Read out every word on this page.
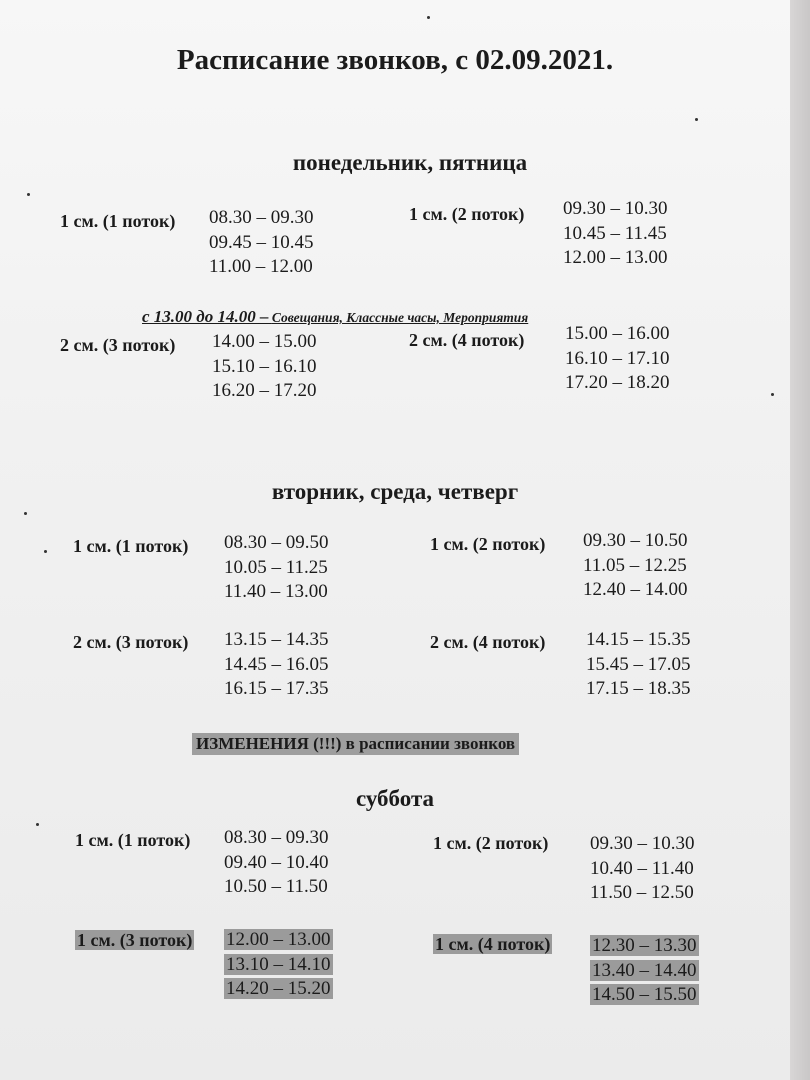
Расписание звонков, с 02.09.2021.
понедельник, пятница
1 см. (1 поток) 08.30 – 09.30
09.45 – 10.45
11.00 – 12.00
1 см. (2 поток) 09.30 – 10.30
10.45 – 11.45
12.00 – 13.00
с 13.00 до 14.00 – Совещания, Классные часы, Мероприятия
2 см. (3 поток) 14.00 – 15.00
15.10 – 16.10
16.20 – 17.20
2 см. (4 поток) 15.00 – 16.00
16.10 – 17.10
17.20 – 18.20
вторник, среда, четверг
1 см. (1 поток) 08.30 – 09.50
10.05 – 11.25
11.40 – 13.00
1 см. (2 поток) 09.30 – 10.50
11.05 – 12.25
12.40 – 14.00
2 см. (3 поток) 13.15 – 14.35
14.45 – 16.05
16.15 – 17.35
2 см. (4 поток) 14.15 – 15.35
15.45 – 17.05
17.15 – 18.35
ИЗМЕНЕНИЯ (!!!) в расписании звонков
суббота
1 см. (1 поток) 08.30 – 09.30
09.40 – 10.40
10.50 – 11.50
1 см. (2 поток) 09.30 – 10.30
10.40 – 11.40
11.50 – 12.50
1 см. (3 поток) 12.00 – 13.00
13.10 – 14.10
14.20 – 15.20
1 см. (4 поток) 12.30 – 13.30
13.40 – 14.40
14.50 – 15.50
